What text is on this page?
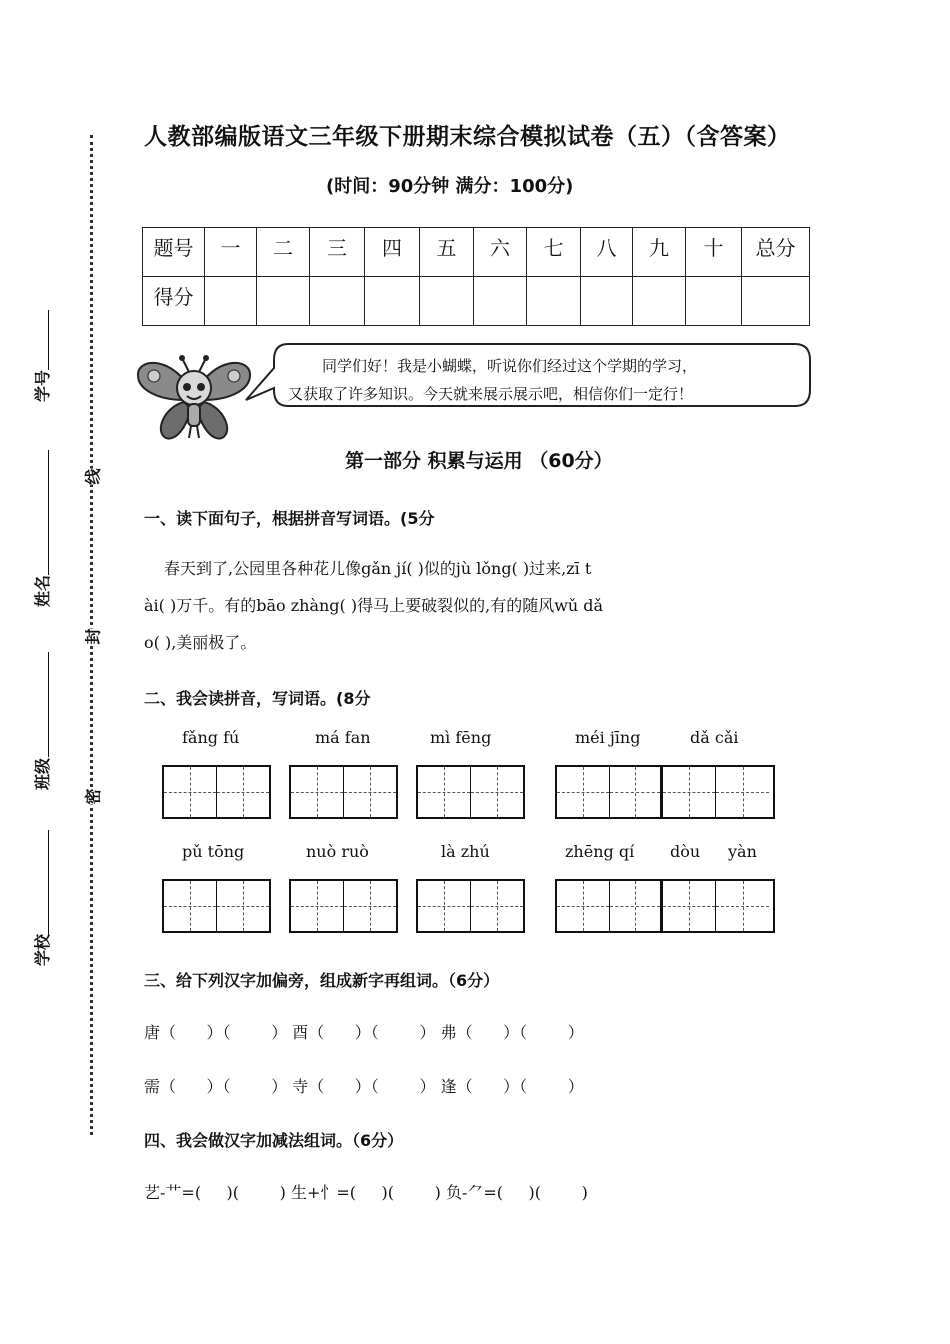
学号
姓名
班级
学校
线
封
密
人教部编版语文三年级下册期末综合模拟试卷（五）（含答案）
(时间：90分钟 满分：100分)
题号	一	二	三	四	五	六	七	八	九	十	总分
得分											
同学们好！我是小蝴蝶，听说你们经过这个学期的学习，
又获取了许多知识。今天就来展示展示吧，相信你们一定行！
第一部分 积累与运用 （60分）
一、读下面句子，根据拼音写词语。(5分
春天到了,公园里各种花儿像gǎn jí( )似的jù lǒng( )过来,zī t
ài( )万千。有的bāo zhàng( )得马上要破裂似的,有的随风wǔ dǎ
o( ),美丽极了。
二、我会读拼音，写词语。(8分
fǎng fú	má fan	mì fēng	méi jīng	dǎ cǎi
pǔ tōng	nuò ruò	là zhú	zhēng qí dòu yàn
三、给下列汉字加偏旁，组成新字再组词。（6分）
唐（      ）（        ） 酉（      ）（        ） 弗（      ）（        ）
需（      ）（        ） 寺（      ）（        ） 逢（      ）（        ）
四、我会做汉字加减法组词。（6分）
艺-艹=(     )(        ) 生+忄=(     )(        ) 负-⺈=(     )(        )
